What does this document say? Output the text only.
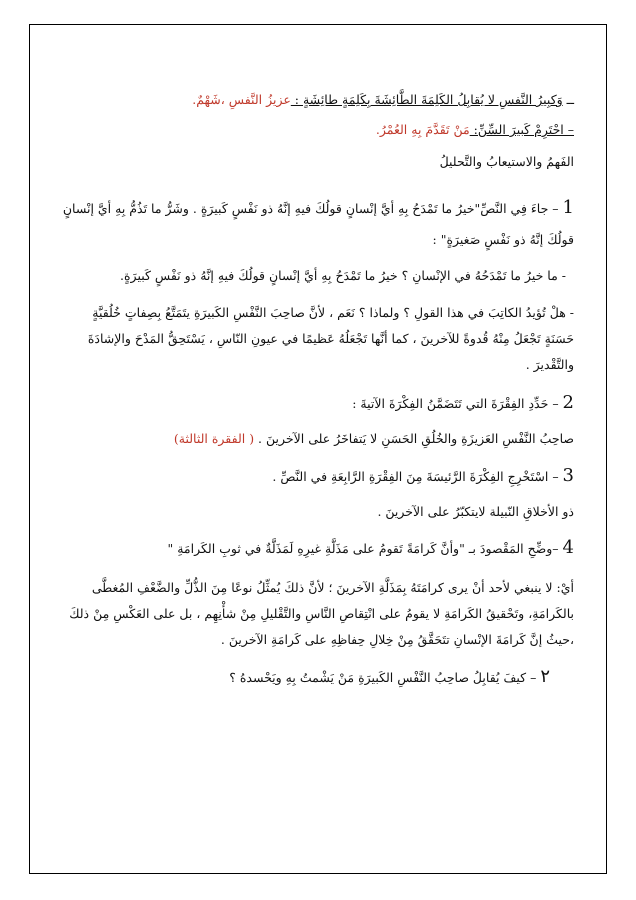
ــ وَكبِيرُ النَّفسِ لا يُقابِلُ الكَلِمَةَ الطَّائِشَةَ بِكَلِمَةٍ طائِشَةٍ : عزيزُ النَّفسِ ،شَهْمٌ.

– احْتَرِمْ كَبيرَ السِّنِّ: مَنْ تَقَدَّمَ بِهِ العُمْرُ.

الفَهمُ والاستيعابُ والتَّحليلُ

1 – جاءَ فِي النَّصِّ"خيرُ ما تَمْدَحُ بِهِ أيَّ إنْسانٍ قولُكَ فيهِ إنَّهُ ذو نَفْسٍ كَبيرَةٍ . وشَرُّ ما تَذُمُّ بِهِ أيَّ إنْسانٍ قولُكَ إنَّهُ ذو نَفْسٍ صَغيرَةٍ" :

- ما خيرُ ما تَمْدَحُهُ في الإنْسانِ ؟ خيرُ ما تَمْدَحُ بِهِ أيَّ إنْسانٍ قولُكَ فيهِ إنَّهُ ذو نَفْسٍ كَبيرَةٍ.

- هلْ تُؤيدُ الكاتِبَ في هذا القولِ ؟ ولماذا ؟ نَعَم ، لأنَّ صاحِبَ النَّفْسِ الكَبيرَةِ يتَمَتَّعُ بِصِفاتٍ خُلُقيَّةٍ حَسَنَةٍ تَجْعَلُ مِنْهُ قُدوةً للآخرينَ ، كما أنَّها تَجْعَلُهُ عَظيمًا في عيونِ النّاسِ ، يَسْتَحِقُّ المَدْحَ والإشادَةَ والتَّقْديرَ .

2 – حَدِّدِ الفِقْرَةَ التي تَتَضَمَّنُ الفِكْرَةَ الآتيةَ :

صاحِبُ النَّفْسِ العَزيزَةِ والخُلُقِ الحَسَنِ لا يَتفاخَرُ على الآخرينَ . ( الفقرة الثالثة)

3 – اسْتَخْرِجِ الفِكْرَةَ الرَّئيسَةَ مِنَ الفِقْرَةِ الرَّابِعَةِ في النَّصِّ .

ذو الأخلاقِ النّبيلة لايتكبّرُ على الآخرينَ .

4 –وضِّحِ المَقْصودَ بـ "وأنَّ كَرامَةً تَقومُ على مَذَلَّةِ غيرِهِ لَمَذَلَّةٌ في ثوبِ الكَرامَةِ "

أيْ: لا ينبغي لأحد أنْ يرى كرامَتَهُ بِمَذَلَّةِ الآخرينَ ؛ لأنَّ ذلكَ يُمثِّلُ نوعًا مِنَ الذُّلِّ والضَّعْفِ المُغطَّى بالكَرامَةِ، وتَحْقيقُ الكَرامَةِ لا يقومُ على انْتِقاصِ النَّاسِ والتَّقْليلِ مِنْ شأْنِهِم ، بل على العَكْسِ مِنْ ذلكَ ،حيثُ إنَّ كَرامَةَ الإنْسانِ تتَحَقَّقُ مِنْ خِلالِ حِفاظِهِ على كَرامَةِ الآخرينَ .

٢ – كيفَ يُقابِلُ صاحِبُ النَّفْسِ الكَبيرَةِ مَنْ يَشْمتُ بِهِ ويَحْسدهُ ؟
